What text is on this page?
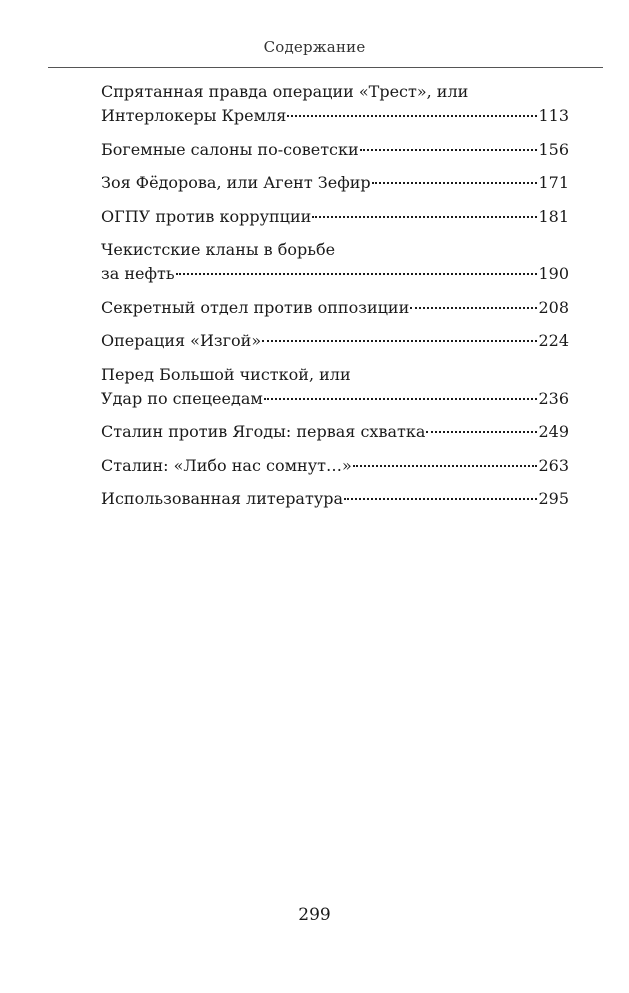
Содержание
Спрятанная правда операции «Трест», или
Интерлокеры Кремля	113
Богемные салоны по-советски	156
Зоя Фёдорова, или Агент Зефир	171
ОГПУ против коррупции	181
Чекистские кланы в борьбе
за нефть	190
Секретный отдел против оппозиции	208
Операция «Изгой»	224
Перед Большой чисткой, или
Удар по спецеедам	236
Сталин против Ягоды: первая схватка	249
Сталин: «Либо нас сомнут…»	263
Использованная литература	295
299
